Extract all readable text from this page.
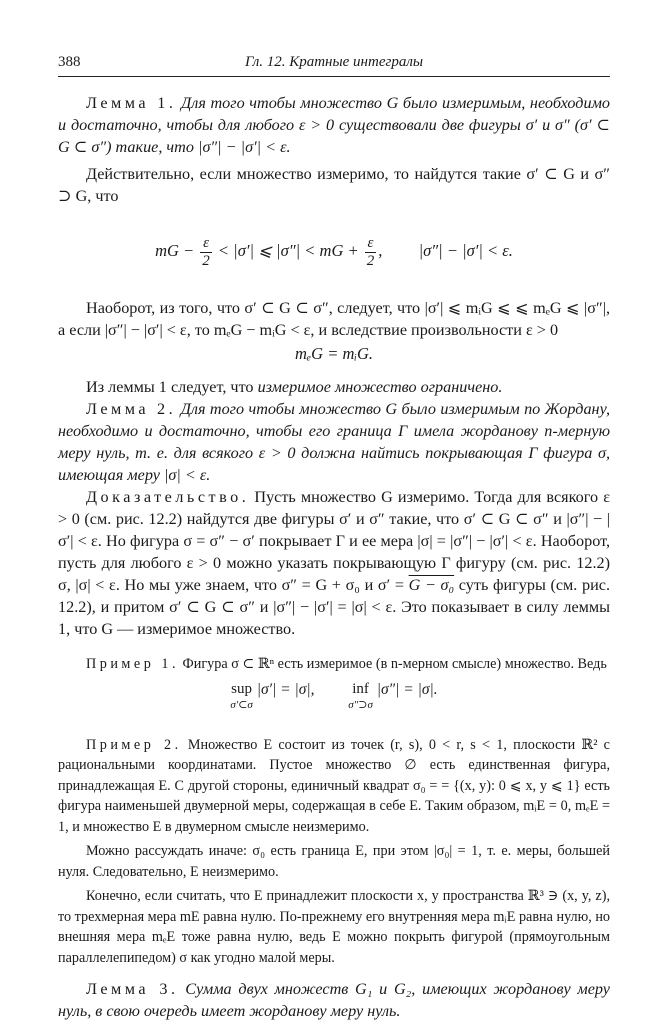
388	Гл. 12. Кратные интегралы

Лемма 1. Для того чтобы множество G было измеримым, необходимо и достаточно, чтобы для любого ε > 0 существовали две фигуры σ′ и σ″ (σ′ ⊂ G ⊂ σ″) такие, что |σ″| − |σ′| < ε.

Действительно, если множество измеримо, то найдутся такие σ′ ⊂ G и σ″ ⊃ G, что

mG − $\frac{\varepsilon}{2} < |\sigma'|$ ⩽ |σ″| < mG + $\frac{\varepsilon}{2}$ , |σ″| − |σ′| < ε.

Наоборот, из того, что σ′ ⊂ G ⊂ σ″, следует, что |σ′| ⩽ mᵢG ⩽ ⩽ mₑG ⩽ |σ″|, а если |σ″| − |σ′| < ε, то mₑG − mᵢG < ε, и вследствие произвольности ε > 0

mₑG = mᵢG.

Из леммы 1 следует, что измеримое множество ограничено.

Лемма 2. Для того чтобы множество G было измеримым по Жордану, необходимо и достаточно, чтобы его граница Γ имела жорданову n-мерную меру нуль, т. е. для всякого ε > 0 должна найтись покрывающая Γ фигура σ, имеющая меру |σ| < ε.

Доказательство. Пусть множество G измеримо. Тогда для всякого ε > 0 (см. рис. 12.2) найдутся две фигуры σ′ и σ″ такие, что σ′ ⊂ G ⊂ σ″ и |σ″| − |σ′| < ε. Но фигура σ = σ″ − σ′ покрывает Γ и ее мера |σ| = |σ″| − |σ′| < ε. Наоборот, пусть для любого ε > 0 можно указать покрывающую Γ фигуру (см. рис. 12.2) σ, |σ| < ε. Но мы уже знаем, что σ″ = G + σ₀ и σ′ = G − σ₀ суть фигуры (см. рис. 12.2), и притом σ′ ⊂ G ⊂ σ″ и |σ″| − |σ′| = |σ| < ε. Это показывает в силу леммы 1, что G — измеримое множество.

Пример 1. Фигура σ ⊂ ℝⁿ есть измеримое (в n-мерном смысле) множество. Ведь

sup
σ′⊂σ
|σ′| = |σ|,	inf
σ″⊃σ
|σ″| = |σ|.

Пример 2. Множество E состоит из точек (r, s), 0 < r, s < 1, плоскости ℝ² с рациональными координатами. Пустое множество ∅ есть единственная фигура, принадлежащая E. С другой стороны, единичный квадрат σ₀ = = {(x, y): 0 ⩽ x, y ⩽ 1} есть фигура наименьшей двумерной меры, содержащая в себе E. Таким образом, mᵢE = 0, mₑE = 1, и множество E в двумерном смысле неизмеримо.

Можно рассуждать иначе: σ₀ есть граница E, при этом |σ₀| = 1, т. е. меры, большей нуля. Следовательно, E неизмеримо.

Конечно, если считать, что E принадлежит плоскости x, y пространства ℝ³ ∋ (x, y, z), то трехмерная мера mE равна нулю. По-прежнему его внутренняя мера mᵢE равна нулю, но внешняя мера mₑE тоже равна нулю, ведь E можно покрыть фигурой (прямоугольным параллелепипедом) σ как угодно малой меры.

Лемма 3. Сумма двух множеств G₁ и G₂, имеющих жорданову меру нуль, в свою очередь имеет жорданову меру нуль.
